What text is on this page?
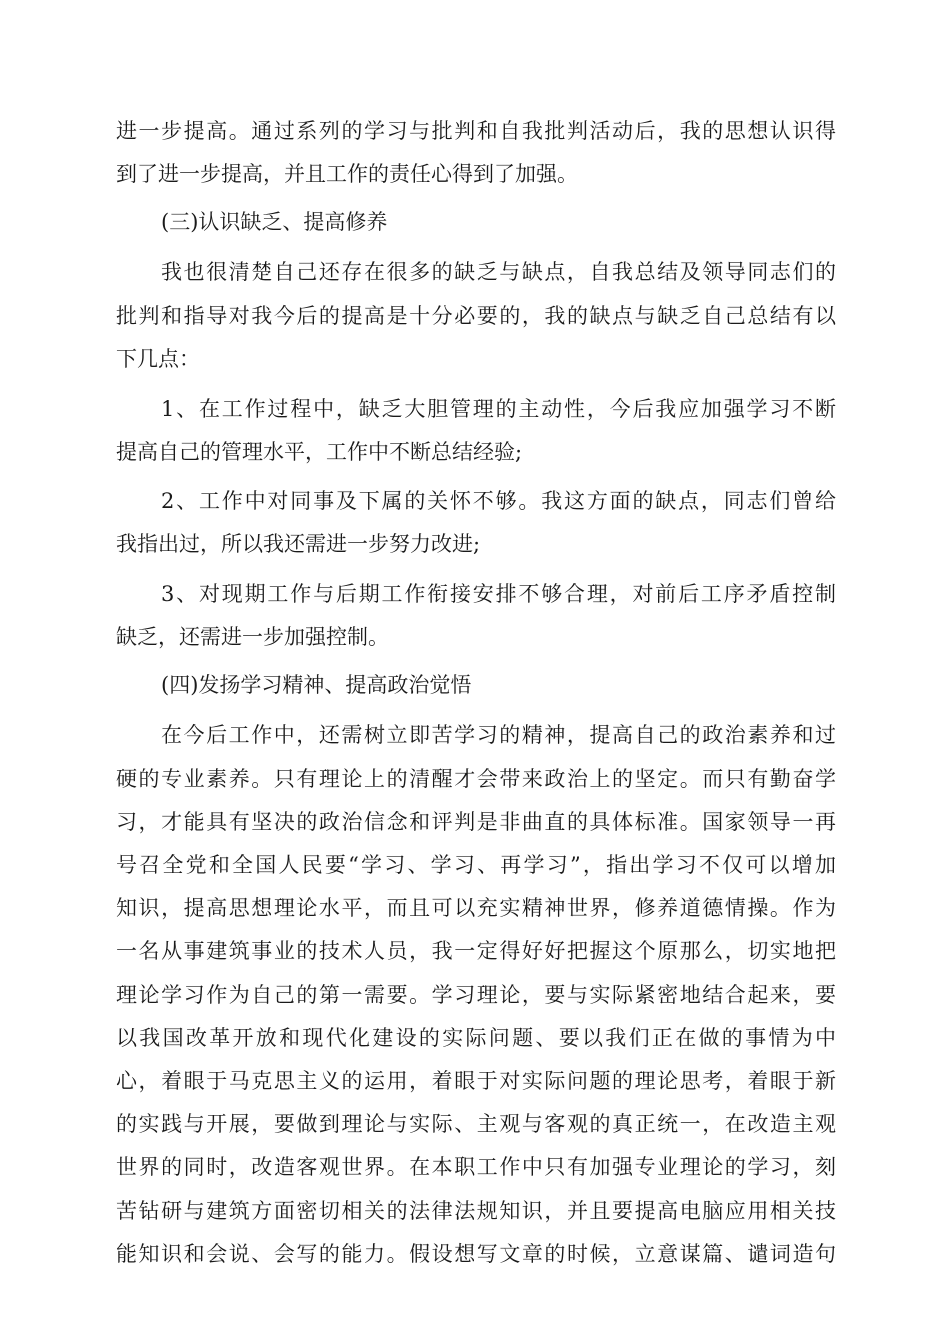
进一步提高。通过系列的学习与批判和自我批判活动后，我的思想认识得
到了进一步提高，并且工作的责任心得到了加强。
(三)认识缺乏、提高修养
我也很清楚自己还存在很多的缺乏与缺点，自我总结及领导同志们的
批判和指导对我今后的提高是十分必要的，我的缺点与缺乏自己总结有以
下几点：
1、在工作过程中，缺乏大胆管理的主动性，今后我应加强学习不断
提高自己的管理水平，工作中不断总结经验;
2、工作中对同事及下属的关怀不够。我这方面的缺点，同志们曾给
我指出过，所以我还需进一步努力改进;
3、对现期工作与后期工作衔接安排不够合理，对前后工序矛盾控制
缺乏，还需进一步加强控制。
(四)发扬学习精神、提高政治觉悟
在今后工作中，还需树立即苦学习的精神，提高自己的政治素养和过
硬的专业素养。只有理论上的清醒才会带来政治上的坚定。而只有勤奋学
习，才能具有坚决的政治信念和评判是非曲直的具体标准。国家领导一再
号召全党和全国人民要“学习、学习、再学习”，指出学习不仅可以增加
知识，提高思想理论水平，而且可以充实精神世界，修养道德情操。作为
一名从事建筑事业的技术人员，我一定得好好把握这个原那么，切实地把
理论学习作为自己的第一需要。学习理论，要与实际紧密地结合起来，要
以我国改革开放和现代化建设的实际问题、要以我们正在做的事情为中
心，着眼于马克思主义的运用，着眼于对实际问题的理论思考，着眼于新
的实践与开展，要做到理论与实际、主观与客观的真正统一，在改造主观
世界的同时，改造客观世界。在本职工作中只有加强专业理论的学习，刻
苦钻研与建筑方面密切相关的法律法规知识，并且要提高电脑应用相关技
能知识和会说、会写的能力。假设想写文章的时候，立意谋篇、谴词造句
